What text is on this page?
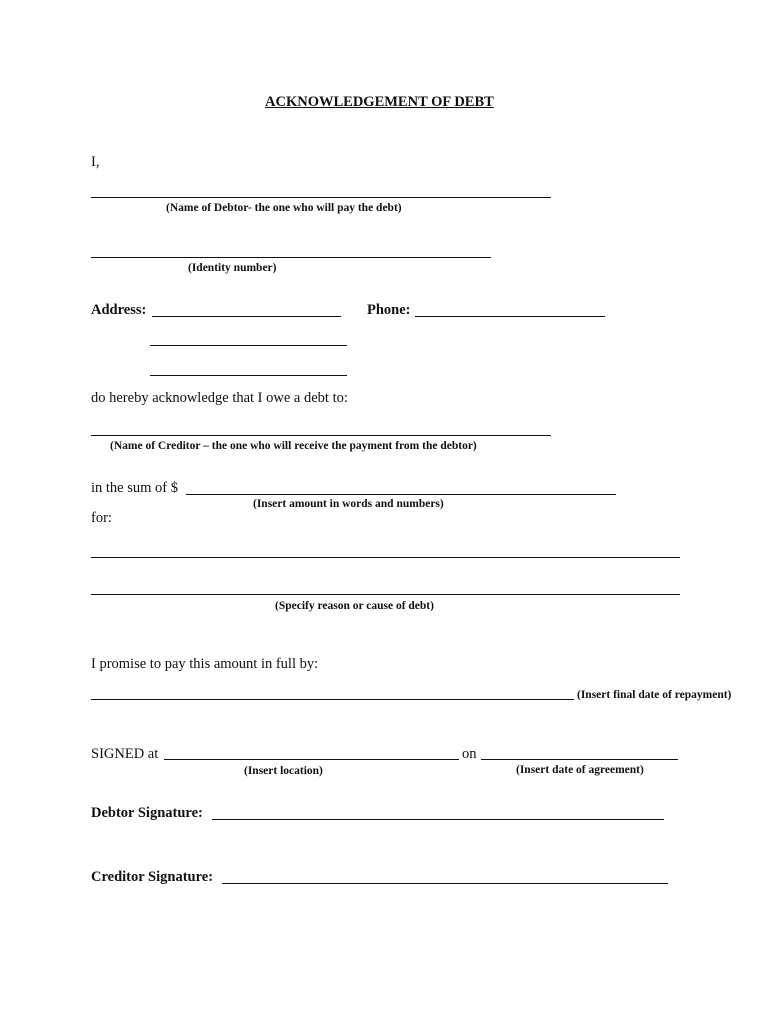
ACKNOWLEDGEMENT OF DEBT
I,
(Name of Debtor- the one who will pay the debt)
(Identity number)
Address:	Phone:
do hereby acknowledge that I owe a debt to:
(Name of Creditor – the one who will receive the payment from the debtor)
in the sum of $
(Insert amount in words and numbers)
for:
(Specify reason or cause of debt)
I promise to pay this amount in full by:
(Insert final date of repayment)
SIGNED at	on
(Insert location)	(Insert date of agreement)
Debtor Signature:
Creditor Signature:
